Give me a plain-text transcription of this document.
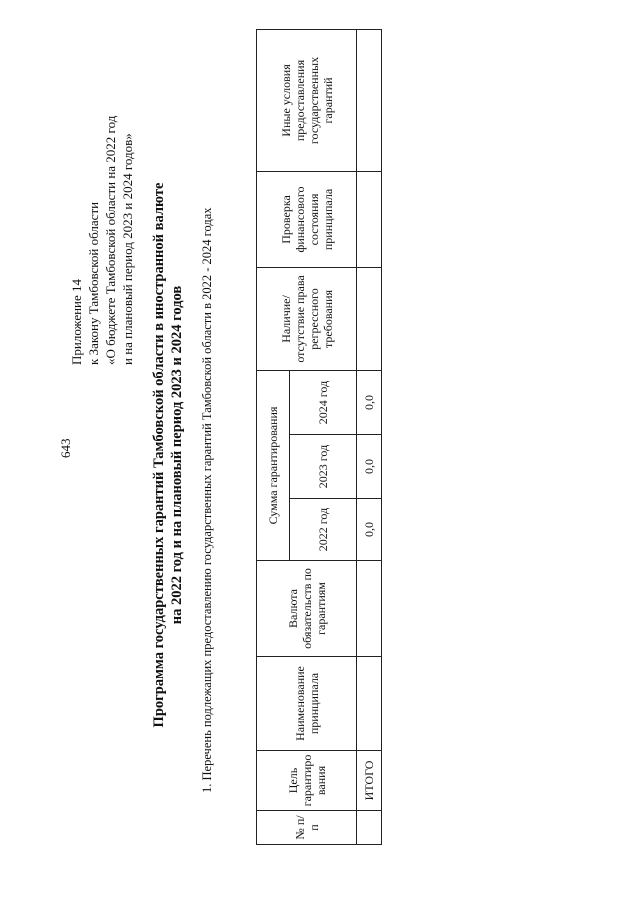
643
Приложение 14 к Закону Тамбовской области «О бюджете Тамбовской области на 2022 год и на плановый период 2023 и 2024 годов» Программа государственных гарантий Тамбовской области в иностранной валюте на 2022 год и на плановый период 2023 и 2024 годов 1. Перечень подлежащих предоставлению государственных гарантий Тамбовской области в 2022 - 2024 годах
№ п/п	Цель гарантиро вания	Наименование принципала	Валюта обязательств по гарантиям	Сумма гарантирования			Наличие/ отсутствие права регрессного требования	Проверка финансового состояния принципала	Иные условия предоставления государственных гарантий
				2022 год	2023 год	2024 год			
	ИТОГО			0,0	0,0	0,0			
